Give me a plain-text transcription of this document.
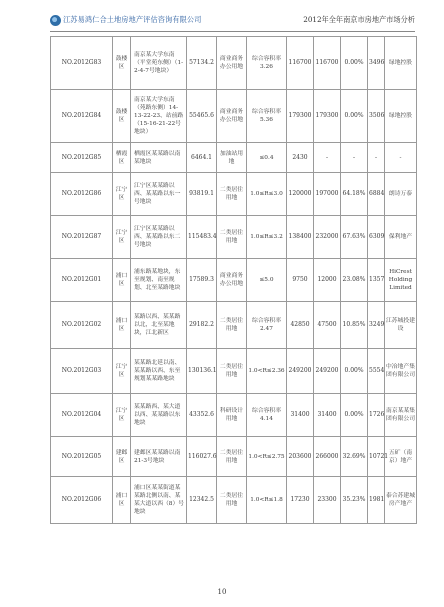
江苏易鸿仁合土地房地产评估咨询有限公司	2012年全年南京市房地产市场分析
NO.2012G83	鼓楼区	南京某大学东南（平堂苑东侧）（1-2-4-7号地块）	57134.2	商业商务办公用地	综合容积率3.26	116700	116700	0.00%	3496	绿地控股
NO.2012G84	鼓楼区	南京某大学东南（苑路东侧）14-13-22-23、站前路（15-16-21-22号地块）	55465.6	商业商务办公用地	综合容积率5.36	179300	179300	0.00%	3506	绿地控股
NO.2012G85	栖霞区	栖霞区某某路以南某地块	6464.1	加油站用地	≤0.4	2430	-	-	-	-
NO.2012G86	江宁区	江宁区某某路以西、某某路以东一号地块	93819.1	二类居住用地	1.0≤R≤3.0	120000	197000	64.18%	6884	朗诗万泰
NO.2012G87	江宁区	江宁区某某路以西、某某路以东二号地块	115483.4	二类居住用地	1.0≤R≤3.2	138400	232000	67.63%	6309	保利地产
NO.2012G01	浦口区	浦东路某地块，东至规划、南至规划、北至某路地块	17589.3	商业商务办公用地	≤5.0	9750	12000	23.08%	1357	HiCrest Holding Limited
NO.2012G02	浦口区	某路以西、某某路以北，北至某地块，江北新区	29182.2	二类居住用地	综合容积率2.47	42850	47500	10.85%	3249	江苏城投建设
NO.2012G03	江宁区	某某路北延以南、某某路以西、东至规划某某路地块	130136.1	二类居住用地	1.0<R≤2.36	249200	249200	0.00%	5554	中冶地产集团有限公司
NO.2012G04	江宁区	某某路西、某大道以西、某某路以东地块	43352.6	科研设计用地	综合容积率4.14	31400	31400	0.00%	1726	南京某某集团有限公司
NO.2012G05	建邺区	建邺区某某路以南21-3号地块	116027.6	二类居住用地	1.0<R≤2.75	203600	266000	32.69%	10721	五矿（南京）地产
NO.2012G06	浦口区	浦口区某某街道某某路北侧以南、某某大道以西（8）号地块	12342.5	二类居住用地	1.0<R≤1.8	17230	23300	35.23%	1981	泰合苏建城房产地产
10
